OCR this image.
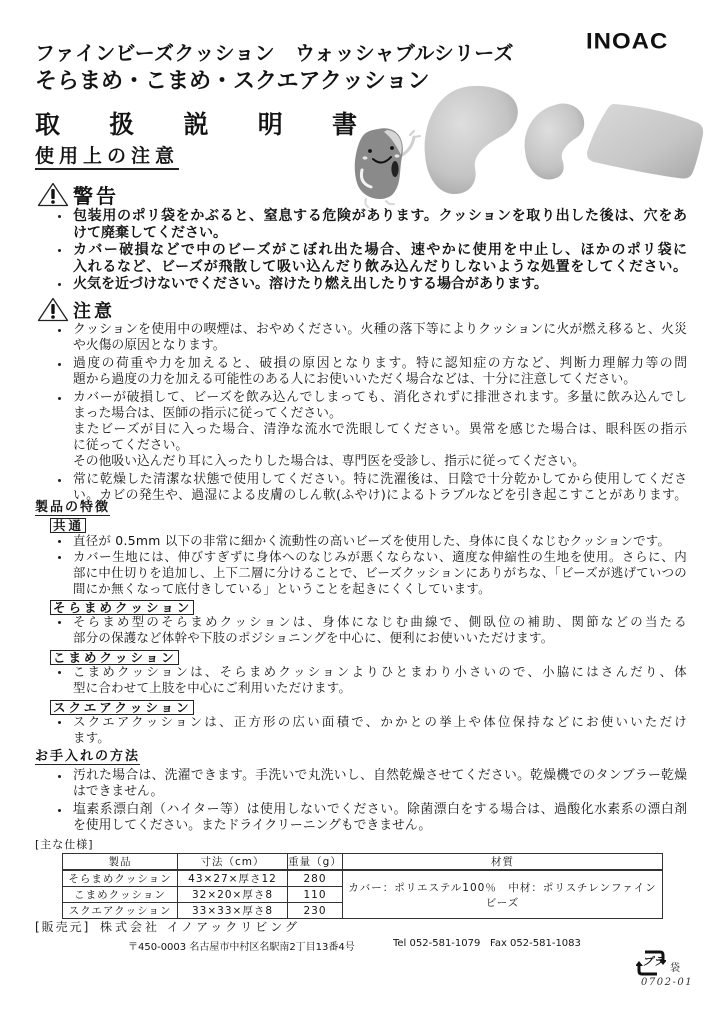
INOAC
ファインビーズクッション　ウォッシャブルシリーズ
そらまめ・こまめ・スクエアクッション
取 扱 説 明 書
使用上の注意
警告
包装用のポリ袋をかぶると、窒息する危険があります。クッションを取り出した後は、穴をあ
けて廃棄してください。
カバー破損などで中のビーズがこぼれ出た場合、速やかに使用を中止し、ほかのポリ袋に
入れるなど、ビーズが飛散して吸い込んだり飲み込んだりしないような処置をしてください。
火気を近づけないでください。溶けたり燃え出したりする場合があります。
注意
クッションを使用中の喫煙は、おやめください。火種の落下等によりクッションに火が燃え移ると、火災
や火傷の原因となります。
過度の荷重や力を加えると、破損の原因となります。特に認知症の方など、判断力理解力等の問
題から過度の力を加える可能性のある人にお使いいただく場合などは、十分に注意してください。
カバーが破損して、ビーズを飲み込んでしまっても、消化されずに排泄されます。多量に飲み込んでし
まった場合は、医師の指示に従ってください。
またビーズが目に入った場合、清浄な流水で洗眼してください。異常を感じた場合は、眼科医の指示
に従ってください。
その他吸い込んだり耳に入ったりした場合は、専門医を受診し、指示に従ってください。
常に乾燥した清潔な状態で使用してください。特に洗濯後は、日陰で十分乾かしてから使用してくださ
い。カビの発生や、過湿による皮膚のしん軟(ふやけ)によるトラブルなどを引き起こすことがあります。
製品の特徴
共通
直径が 0.5mm 以下の非常に細かく流動性の高いビーズを使用した、身体に良くなじむクッションです。
カバー生地には、伸びすぎずに身体へのなじみが悪くならない、適度な伸縮性の生地を使用。さらに、内
部に中仕切りを追加し、上下二層に分けることで、ビーズクッションにありがちな、「ビーズが逃げていつの
間にか無くなって底付きしている」ということを起きにくくしています。
そらまめクッション
そらまめ型のそらまめクッションは、身体になじむ曲線で、側臥位の補助、関節などの当たる
部分の保護など体幹や下肢のポジショニングを中心に、便利にお使いいただけます。
こまめクッション
こまめクッションは、そらまめクッションよりひとまわり小さいので、小脇にはさんだり、体
型に合わせて上肢を中心にご利用いただけます。
スクエアクッション
スクエアクッションは、正方形の広い面積で、かかとの挙上や体位保持などにお使いいただけ
ます。
お手入れの方法
汚れた場合は、洗濯できます。手洗いで丸洗いし、自然乾燥させてください。乾燥機でのタンブラー乾燥
はできません。
塩素系漂白剤（ハイター等）は使用しないでください。除菌漂白をする場合は、過酸化水素系の漂白剤
を使用してください。またドライクリーニングもできません。
[主な仕様]
製品	寸法（cm）	重量（g）	材質
そらまめクッション	43×27×厚さ12	280	カバー：ポリエステル100％　中材：ポリスチレンファインビーズ
こまめクッション	32×20×厚さ8	110	
スクエアクッション	33×33×厚さ8	230	
[販売元] 株式会社 イノアックリビング
〒450-0003 名古屋市中村区名駅南2丁目13番4号	Tel 052-581-1079 Fax 052-581-1083
プラ
袋
0702-01
